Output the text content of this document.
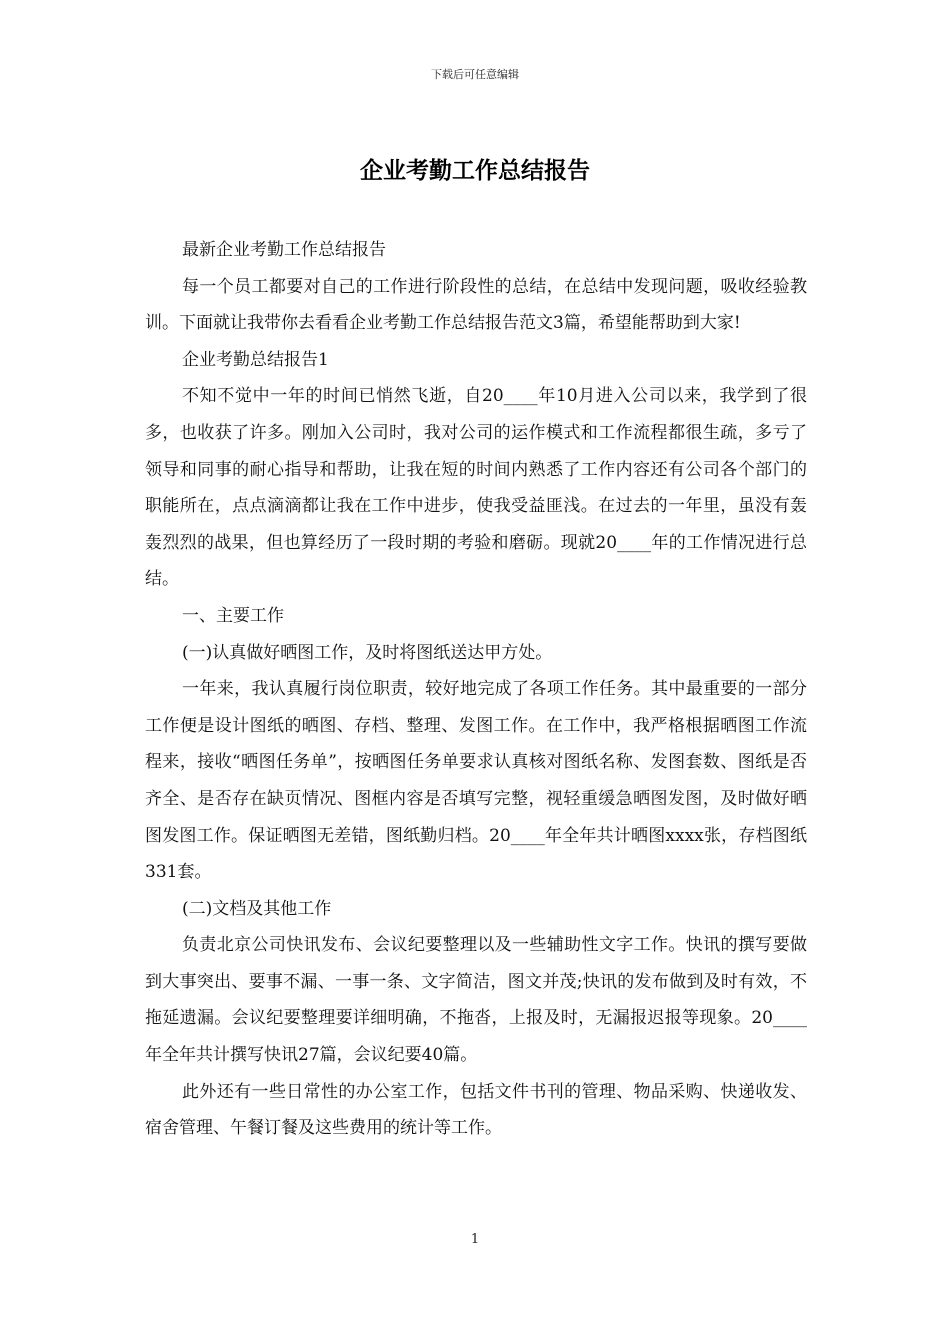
下载后可任意编辑
企业考勤工作总结报告

最新企业考勤工作总结报告

每一个员工都要对自己的工作进行阶段性的总结，在总结中发现问题，吸收经验教训。下面就让我带你去看看企业考勤工作总结报告范文3篇，希望能帮助到大家!

企业考勤总结报告1

不知不觉中一年的时间已悄然飞逝，自20____年10月进入公司以来，我学到了很多，也收获了许多。刚加入公司时，我对公司的运作模式和工作流程都很生疏，多亏了领导和同事的耐心指导和帮助，让我在短的时间内熟悉了工作内容还有公司各个部门的职能所在，点点滴滴都让我在工作中进步，使我受益匪浅。在过去的一年里，虽没有轰轰烈烈的战果，但也算经历了一段时期的考验和磨砺。现就20____年的工作情况进行总结。

一、主要工作

(一)认真做好晒图工作，及时将图纸送达甲方处。

一年来，我认真履行岗位职责，较好地完成了各项工作任务。其中最重要的一部分工作便是设计图纸的晒图、存档、整理、发图工作。在工作中，我严格根据晒图工作流程来，接收“晒图任务单”，按晒图任务单要求认真核对图纸名称、发图套数、图纸是否齐全、是否存在缺页情况、图框内容是否填写完整，视轻重缓急晒图发图，及时做好晒图发图工作。保证晒图无差错，图纸勤归档。20____年全年共计晒图xxxx张，存档图纸331套。

(二)文档及其他工作

负责北京公司快讯发布、会议纪要整理以及一些辅助性文字工作。快讯的撰写要做到大事突出、要事不漏、一事一条、文字简洁，图文并茂;快讯的发布做到及时有效，不拖延遗漏。会议纪要整理要详细明确，不拖沓，上报及时，无漏报迟报等现象。20____年全年共计撰写快讯27篇，会议纪要40篇。

此外还有一些日常性的办公室工作，包括文件书刊的管理、物品采购、快递收发、宿舍管理、午餐订餐及这些费用的统计等工作。

1
